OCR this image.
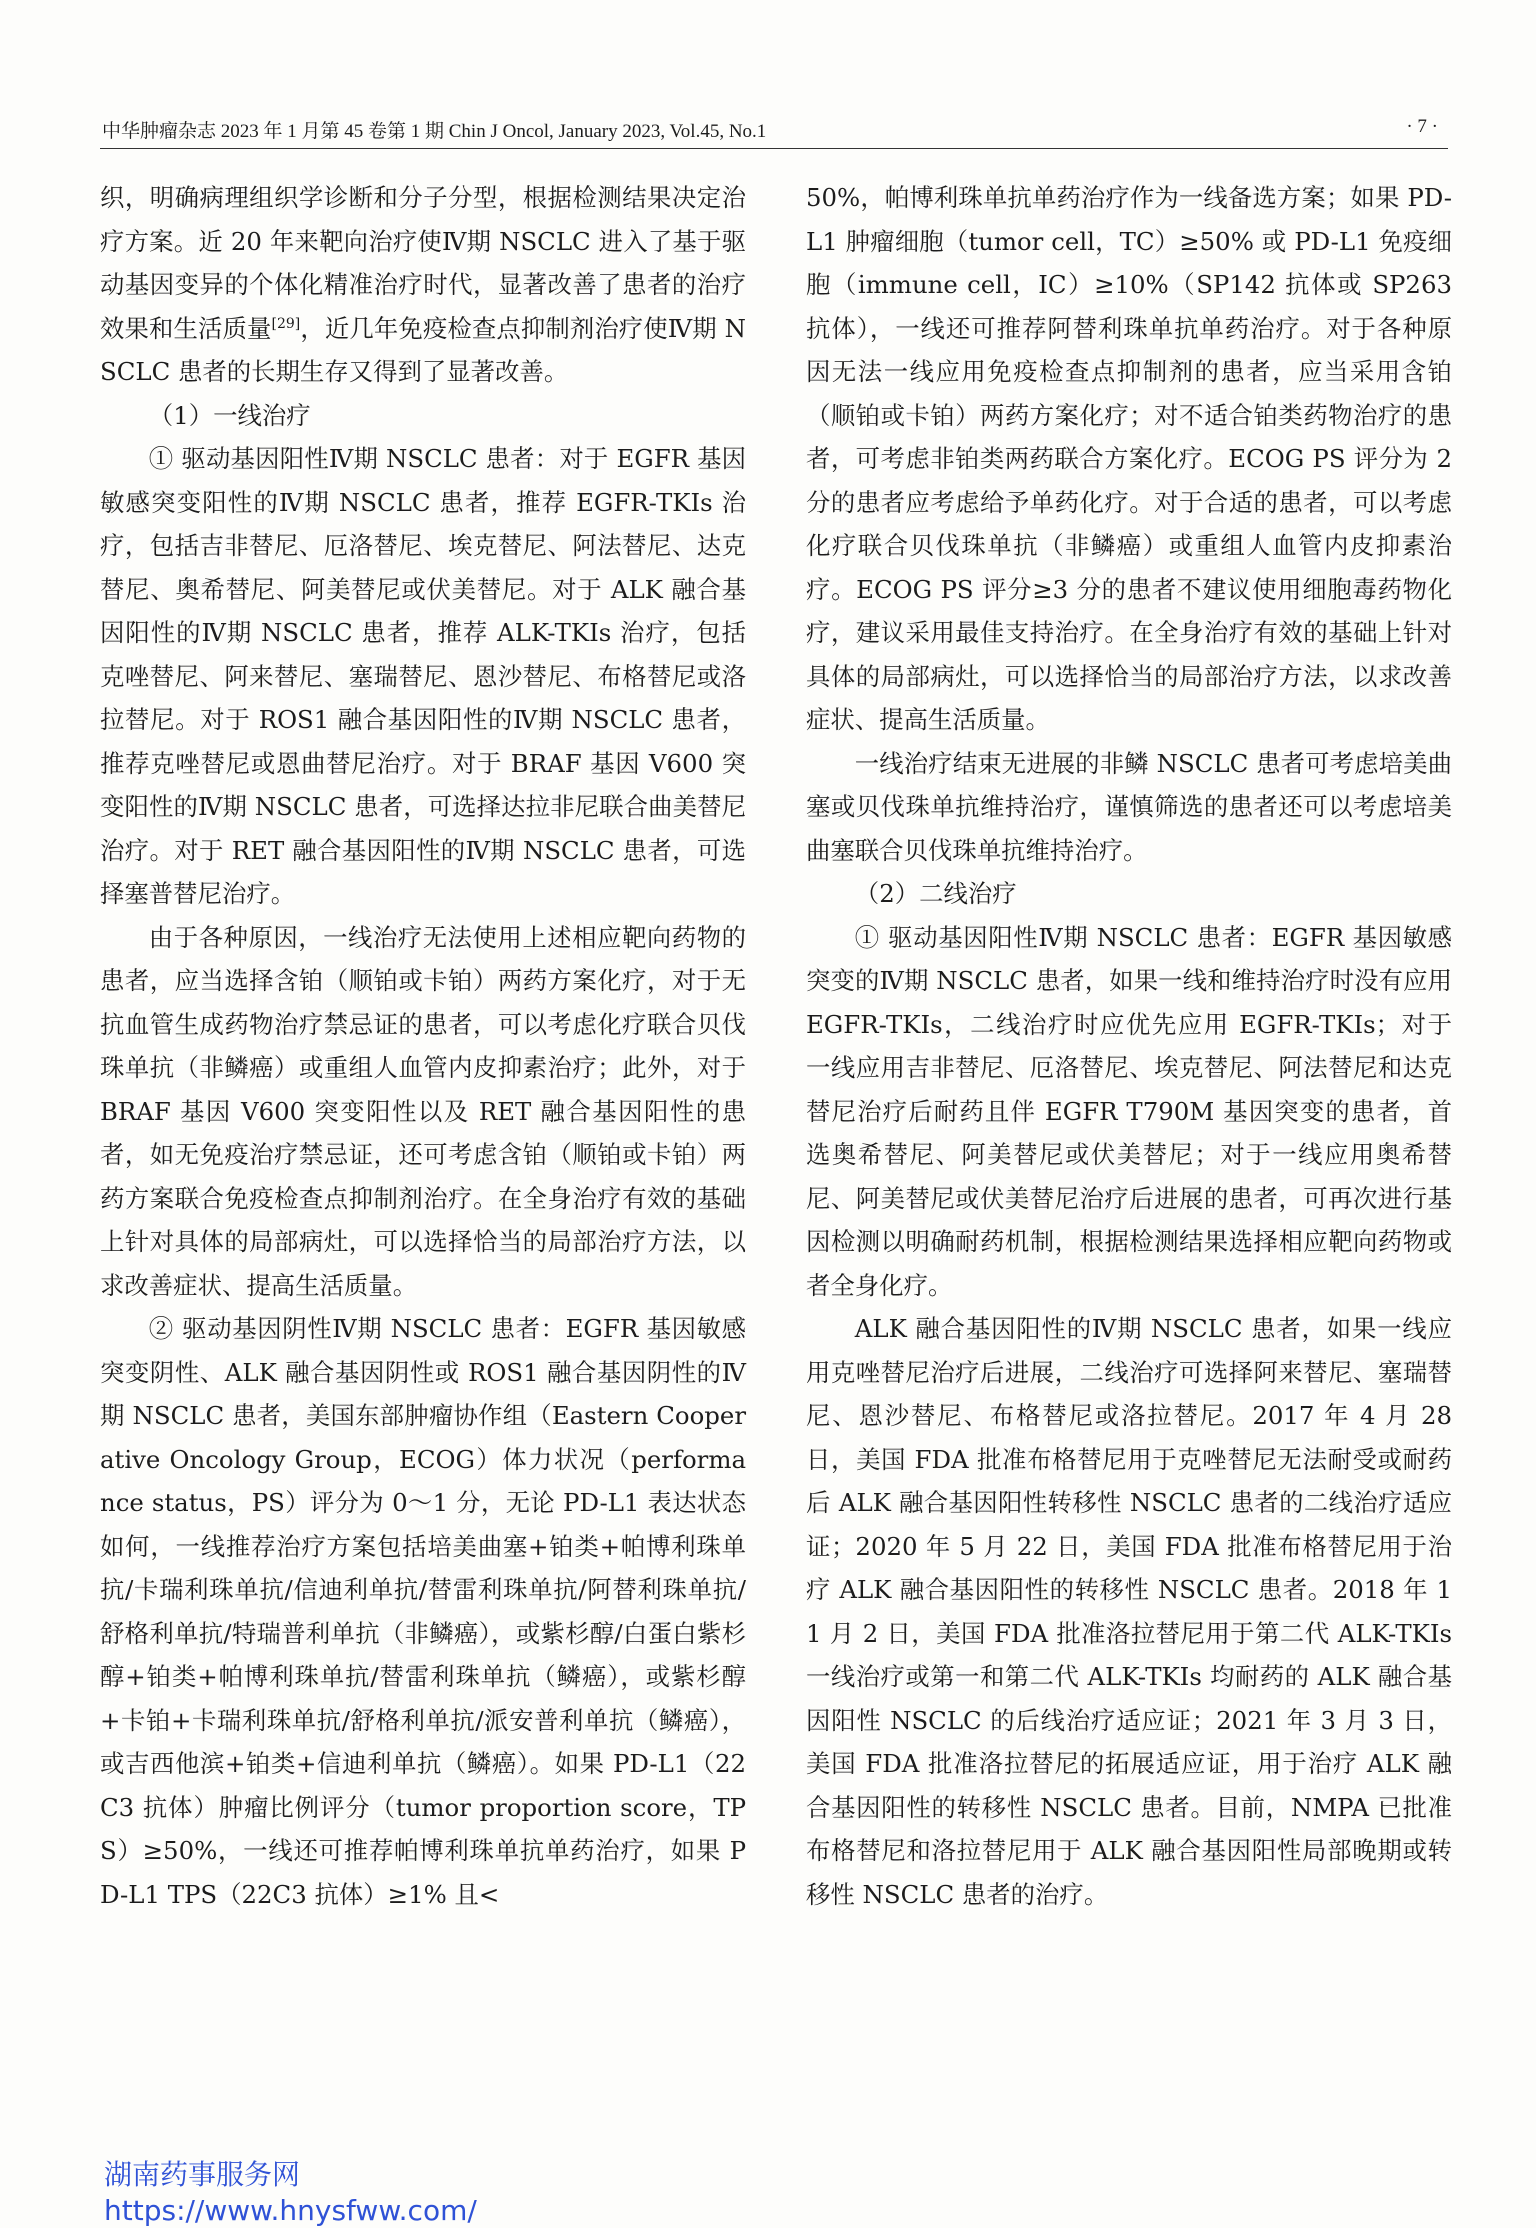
中华肿瘤杂志 2023 年 1 月第 45 卷第 1 期 Chin J Oncol, January 2023, Vol.45, No.1	· 7 ·

织，明确病理组织学诊断和分子分型，根据检测结果决定治疗方案。近 20 年来靶向治疗使Ⅳ期 NSCLC 进入了基于驱动基因变异的个体化精准治疗时代，显著改善了患者的治疗效果和生活质量[29]，近几年免疫检查点抑制剂治疗使Ⅳ期 NSCLC 患者的长期生存又得到了显著改善。

（1）一线治疗

① 驱动基因阳性Ⅳ期 NSCLC 患者：对于 EGFR 基因敏感突变阳性的Ⅳ期 NSCLC 患者，推荐 EGFR-TKIs 治疗，包括吉非替尼、厄洛替尼、埃克替尼、阿法替尼、达克替尼、奥希替尼、阿美替尼或伏美替尼。对于 ALK 融合基因阳性的Ⅳ期 NSCLC 患者，推荐 ALK-TKIs 治疗，包括克唑替尼、阿来替尼、塞瑞替尼、恩沙替尼、布格替尼或洛拉替尼。对于 ROS1 融合基因阳性的Ⅳ期 NSCLC 患者，推荐克唑替尼或恩曲替尼治疗。对于 BRAF 基因 V600 突变阳性的Ⅳ期 NSCLC 患者，可选择达拉非尼联合曲美替尼治疗。对于 RET 融合基因阳性的Ⅳ期 NSCLC 患者，可选择塞普替尼治疗。

由于各种原因，一线治疗无法使用上述相应靶向药物的患者，应当选择含铂（顺铂或卡铂）两药方案化疗，对于无抗血管生成药物治疗禁忌证的患者，可以考虑化疗联合贝伐珠单抗（非鳞癌）或重组人血管内皮抑素治疗；此外，对于 BRAF 基因 V600 突变阳性以及 RET 融合基因阳性的患者，如无免疫治疗禁忌证，还可考虑含铂（顺铂或卡铂）两药方案联合免疫检查点抑制剂治疗。在全身治疗有效的基础上针对具体的局部病灶，可以选择恰当的局部治疗方法，以求改善症状、提高生活质量。

② 驱动基因阴性Ⅳ期 NSCLC 患者：EGFR 基因敏感突变阴性、ALK 融合基因阴性或 ROS1 融合基因阴性的Ⅳ期 NSCLC 患者，美国东部肿瘤协作组（Eastern Cooperative Oncology Group，ECOG）体力状况（performance status，PS）评分为 0～1 分，无论 PD-L1 表达状态如何，一线推荐治疗方案包括培美曲塞+铂类+帕博利珠单抗/卡瑞利珠单抗/信迪利单抗/替雷利珠单抗/阿替利珠单抗/舒格利单抗/特瑞普利单抗（非鳞癌），或紫杉醇/白蛋白紫杉醇+铂类+帕博利珠单抗/替雷利珠单抗（鳞癌），或紫杉醇+卡铂+卡瑞利珠单抗/舒格利单抗/派安普利单抗（鳞癌），或吉西他滨+铂类+信迪利单抗（鳞癌）。如果 PD-L1（22C3 抗体）肿瘤比例评分（tumor proportion score，TPS）≥50%，一线还可推荐帕博利珠单抗单药治疗，如果 PD-L1 TPS（22C3 抗体）≥1% 且<

50%，帕博利珠单抗单药治疗作为一线备选方案；如果 PD-L1 肿瘤细胞（tumor cell，TC）≥50% 或 PD-L1 免疫细胞（immune cell，IC）≥10%（SP142 抗体或 SP263 抗体），一线还可推荐阿替利珠单抗单药治疗。对于各种原因无法一线应用免疫检查点抑制剂的患者，应当采用含铂（顺铂或卡铂）两药方案化疗；对不适合铂类药物治疗的患者，可考虑非铂类两药联合方案化疗。ECOG PS 评分为 2 分的患者应考虑给予单药化疗。对于合适的患者，可以考虑化疗联合贝伐珠单抗（非鳞癌）或重组人血管内皮抑素治疗。ECOG PS 评分≥3 分的患者不建议使用细胞毒药物化疗，建议采用最佳支持治疗。在全身治疗有效的基础上针对具体的局部病灶，可以选择恰当的局部治疗方法，以求改善症状、提高生活质量。

一线治疗结束无进展的非鳞 NSCLC 患者可考虑培美曲塞或贝伐珠单抗维持治疗，谨慎筛选的患者还可以考虑培美曲塞联合贝伐珠单抗维持治疗。

（2）二线治疗

① 驱动基因阳性Ⅳ期 NSCLC 患者：EGFR 基因敏感突变的Ⅳ期 NSCLC 患者，如果一线和维持治疗时没有应用 EGFR-TKIs，二线治疗时应优先应用 EGFR-TKIs；对于一线应用吉非替尼、厄洛替尼、埃克替尼、阿法替尼和达克替尼治疗后耐药且伴 EGFR T790M 基因突变的患者，首选奥希替尼、阿美替尼或伏美替尼；对于一线应用奥希替尼、阿美替尼或伏美替尼治疗后进展的患者，可再次进行基因检测以明确耐药机制，根据检测结果选择相应靶向药物或者全身化疗。

ALK 融合基因阳性的Ⅳ期 NSCLC 患者，如果一线应用克唑替尼治疗后进展，二线治疗可选择阿来替尼、塞瑞替尼、恩沙替尼、布格替尼或洛拉替尼。2017 年 4 月 28 日，美国 FDA 批准布格替尼用于克唑替尼无法耐受或耐药后 ALK 融合基因阳性转移性 NSCLC 患者的二线治疗适应证；2020 年 5 月 22 日，美国 FDA 批准布格替尼用于治疗 ALK 融合基因阳性的转移性 NSCLC 患者。2018 年 11 月 2 日，美国 FDA 批准洛拉替尼用于第二代 ALK-TKIs 一线治疗或第一和第二代 ALK-TKIs 均耐药的 ALK 融合基因阳性 NSCLC 的后线治疗适应证；2021 年 3 月 3 日，美国 FDA 批准洛拉替尼的拓展适应证，用于治疗 ALK 融合基因阳性的转移性 NSCLC 患者。目前，NMPA 已批准布格替尼和洛拉替尼用于 ALK 融合基因阳性局部晚期或转移性 NSCLC 患者的治疗。

湖南药事服务网
https://www.hnysfww.com/
